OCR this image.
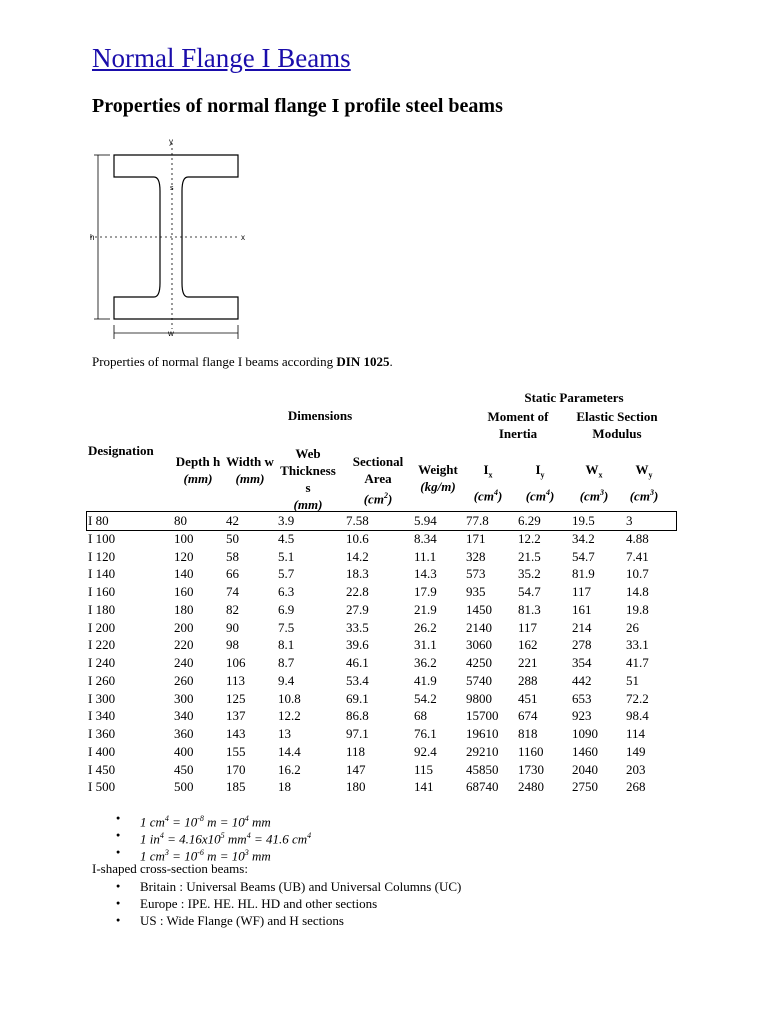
Normal Flange I Beams
Properties of normal flange I profile steel beams
y
x
h
w
s
Properties of normal flange I beams according DIN 1025.
Static Parameters
Dimensions	Moment of Inertia
Elastic Section Modulus
Designation
Depth h
(mm)
Width w
(mm)
Web Thickness s
(mm)
Sectional Area
$(cm^2)$
Weight
(kg/m)
$I_x$
$(cm^4)$
$I_y$
$(cm^4)$
$W_x$
$(cm^3)$
$W_y$
$(cm^3)$
I 80	80	42	3.9	7.58	5.94	77.8	6.29	19.5	3
I 100	100	50	4.5	10.6	8.34	171	12.2	34.2	4.88
I 120	120	58	5.1	14.2	11.1	328	21.5	54.7	7.41
I 140	140	66	5.7	18.3	14.3	573	35.2	81.9	10.7
I 160	160	74	6.3	22.8	17.9	935	54.7	117	14.8
I 180	180	82	6.9	27.9	21.9	1450	81.3	161	19.8
I 200	200	90	7.5	33.5	26.2	2140	117	214	26
I 220	220	98	8.1	39.6	31.1	3060	162	278	33.1
I 240	240	106	8.7	46.1	36.2	4250	221	354	41.7
I 260	260	113	9.4	53.4	41.9	5740	288	442	51
I 300	300	125	10.8	69.1	54.2	9800	451	653	72.2
I 340	340	137	12.2	86.8	68	15700	674	923	98.4
I 360	360	143	13	97.1	76.1	19610	818	1090	114
I 400	400	155	14.4	118	92.4	29210	1160	1460	149
I 450	450	170	16.2	147	115	45850	1730	2040	203
I 500	500	185	18	180	141	68740	2480	2750	268
● 1 $cm^4 = 10^{-8}$ $m = 10^4$ mm
● 1 $in^4 = 4.16x10^5$ $mm^4 = 41.6$ $cm^4$
● 1 $cm^3 = 10^{-6}$ $m = 10^3$ mm
I-shaped cross-section beams:
● Britain : Universal Beams (UB) and Universal Columns (UC)
● Europe : IPE. HE. HL. HD and other sections
● US : Wide Flange (WF) and H sections
